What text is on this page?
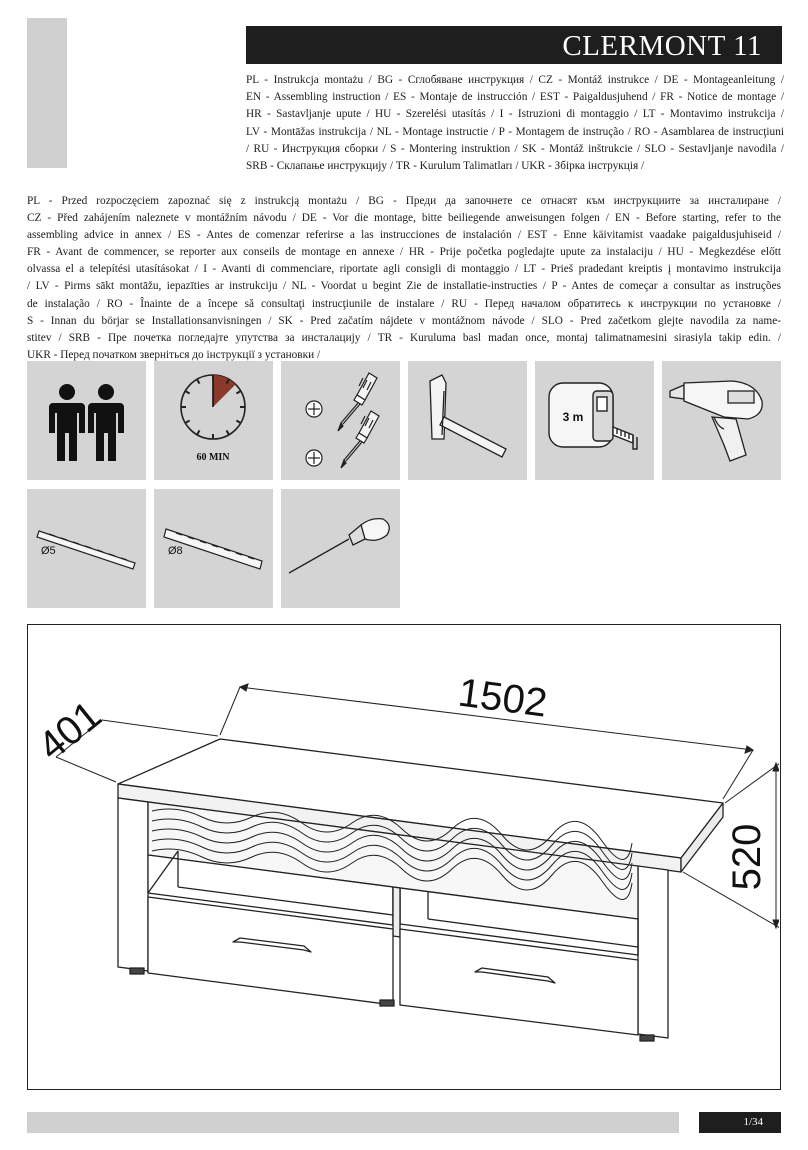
CLERMONT 11
PL - Instrukcja montażu / BG - Сглобяване инструкция / CZ - Montáž instrukce / DE - Montageanleitung /
EN - Assembling instruction / ES - Montaje de instrucción / EST - Paigaldusjuhend / FR - Notice de montage /
HR - Sastavljanje upute / HU - Szerelési utasítás / I - Istruzioni di montaggio / LT - Montavimo instrukcija /
LV - Montāžas instrukcija / NL - Montage instructie / P - Montagem de instrução / RO - Asamblarea de instrucţiuni
/ RU - Инструкция сборки / S - Montering instruktion / SK - Montáž inštrukcie / SLO - Sestavljanje navodila /
SRB - Склапање инструкцију / TR - Kurulum Talimatları / UKR - Збірка інструкція /
PL - Przed rozpoczęciem zapoznać się z instrukcją montażu / BG - Преди да започнете се отнасят към инструкциите за инсталиране /
CZ - Před zahájením naleznete v montážním návodu / DE - Vor die montage, bitte beiliegende anweisungen folgen / EN - Before starting, refer to the
assembling advice in annex / ES - Antes de comenzar referirse a las instrucciones de instalación / EST - Enne käivitamist vaadake paigaldusjuhiseid /
FR - Avant de commencer, se reporter aux conseils de montage en annexe / HR - Prije početka pogledajte upute za instalaciju / HU - Megkezdése előtt
olvassa el a telepítési utasításokat / I - Avanti di commenciare, riportate agli consigli di montaggio / LT - Prieš pradedant kreiptis į montavimo instrukcija
/ LV - Pirms sākt montāžu, iepazīties ar instrukciju / NL - Voordat u begint Zie de installatie-instructies / P - Antes de começar a consultar as instruções
de instalação / RO - Înainte de a începe să consultaţi instrucţiunile de instalare / RU - Перед началом обратитесь к инструкции по установке /
S - Innan du börjar se Installationsanvisningen / SK - Pred začatím nájdete v montážnom návode / SLO - Pred začetkom glejte navodila za name-
stitev / SRB - Пре почетка погледајте упутства за инсталацију / TR - Kuruluma basl madan once, montaj talimatnamesini sirasiyla takip edin. /
UKR - Перед початком зверніться до інструкції з установки /
60 MIN
3 m
Ø5	Ø8
1502
401
520
1/34
